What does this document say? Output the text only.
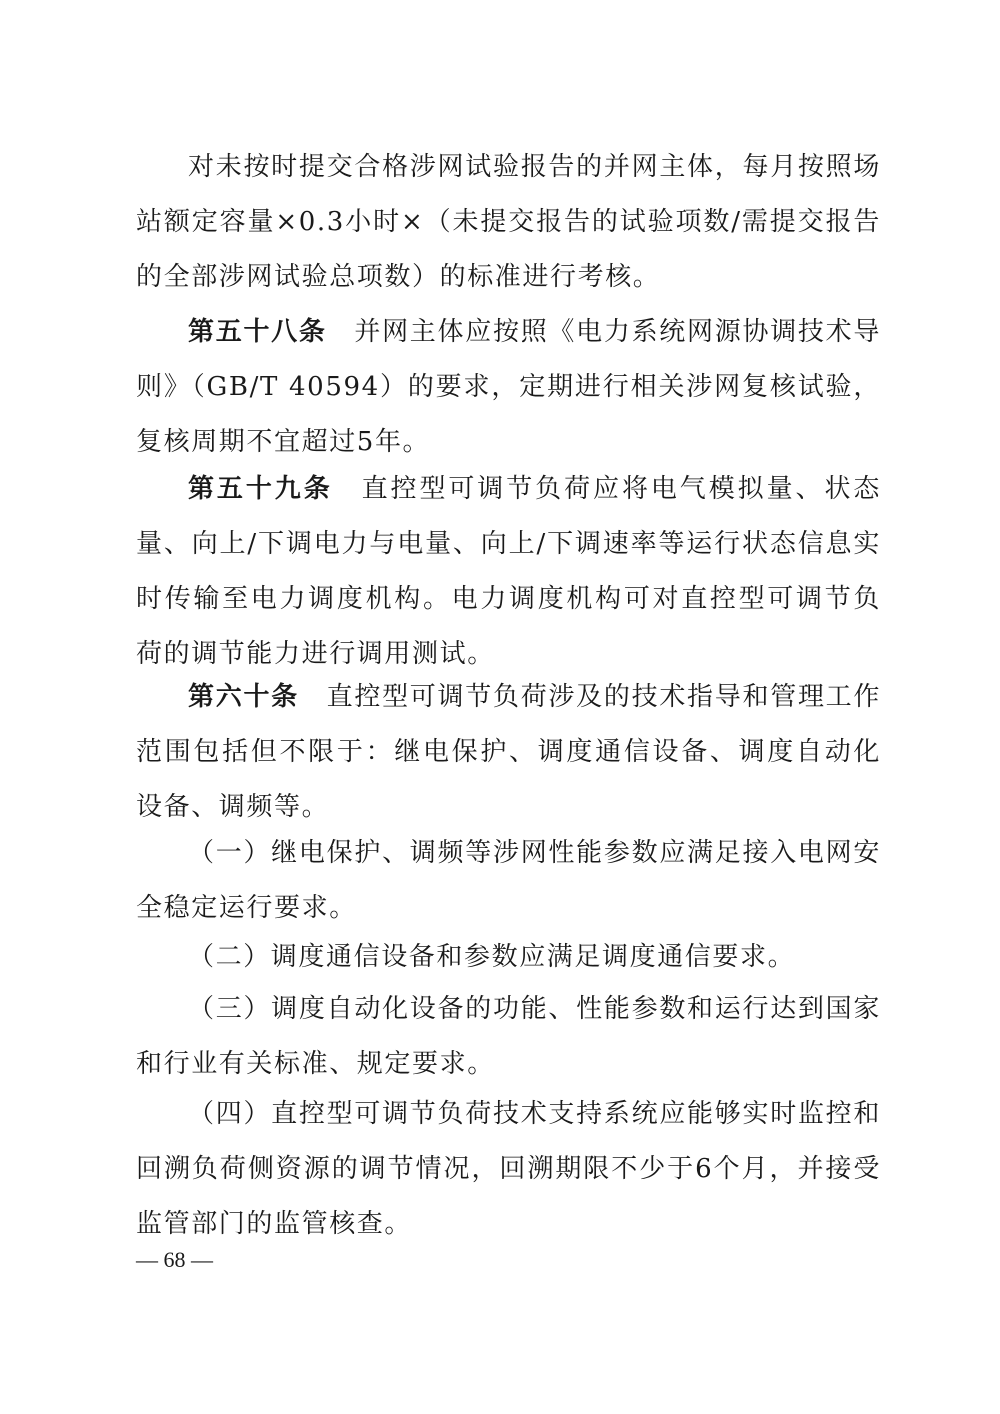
对未按时提交合格涉网试验报告的并网主体，每月按照场站额定容量×0.3小时×（未提交报告的试验项数/需提交报告的全部涉网试验总项数）的标准进行考核。

第五十八条　并网主体应按照《电力系统网源协调技术导则》（GB/T 40594）的要求，定期进行相关涉网复核试验，复核周期不宜超过5年。

第五十九条　直控型可调节负荷应将电气模拟量、状态量、向上/下调电力与电量、向上/下调速率等运行状态信息实时传输至电力调度机构。电力调度机构可对直控型可调节负荷的调节能力进行调用测试。

第六十条　直控型可调节负荷涉及的技术指导和管理工作范围包括但不限于：继电保护、调度通信设备、调度自动化设备、调频等。

（一）继电保护、调频等涉网性能参数应满足接入电网安全稳定运行要求。

（二）调度通信设备和参数应满足调度通信要求。

（三）调度自动化设备的功能、性能参数和运行达到国家和行业有关标准、规定要求。

（四）直控型可调节负荷技术支持系统应能够实时监控和回溯负荷侧资源的调节情况，回溯期限不少于6个月，并接受监管部门的监管核查。

— 68 —
